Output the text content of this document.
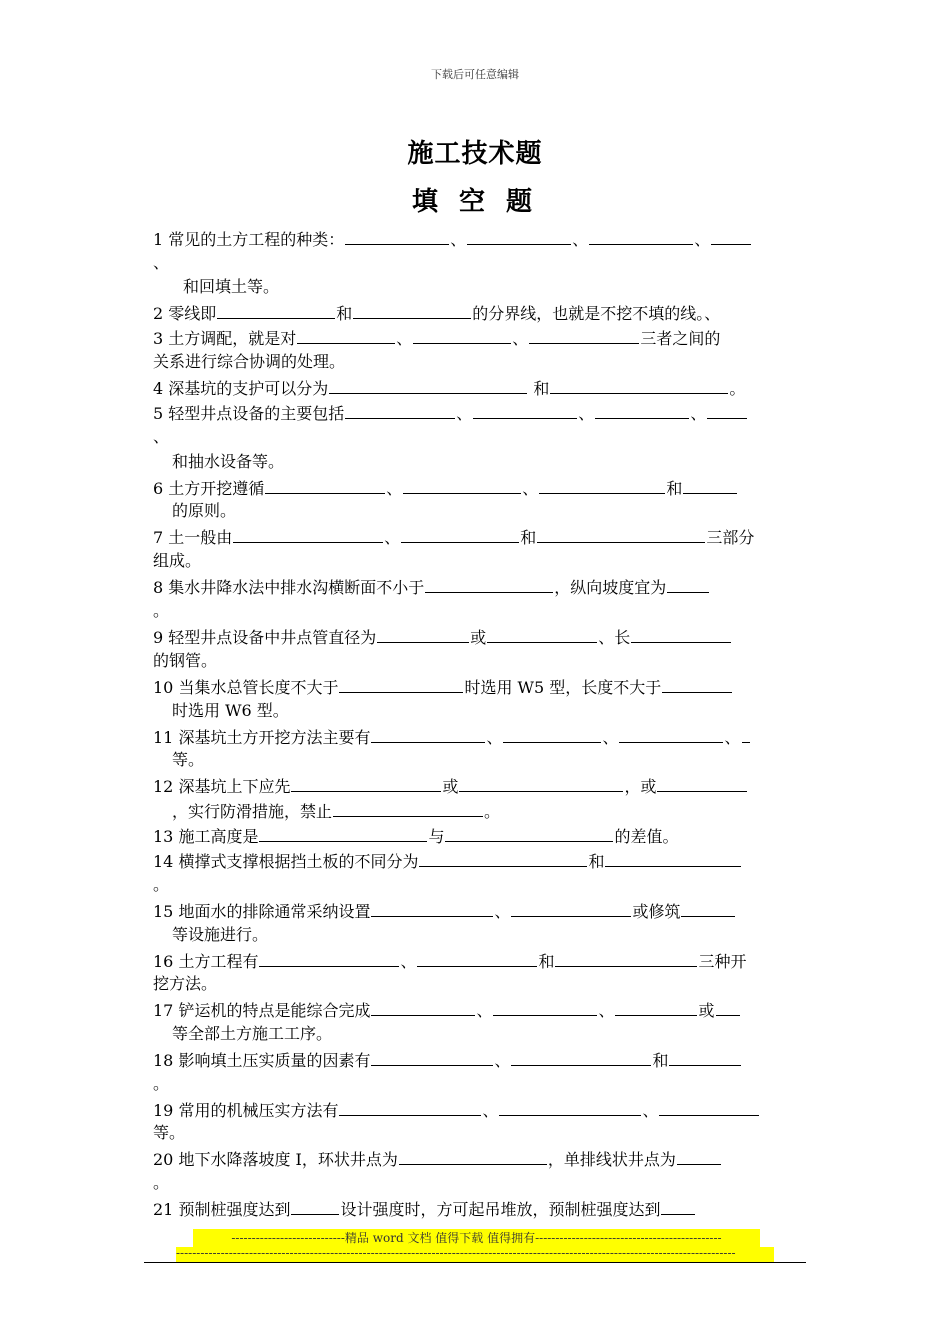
下载后可任意编辑
施工技术题
填 空 题
1 常见的土方工程的种类：	、	、	、
、
和回填土等。
2 零线即	和	的分界线，也就是不挖不填的线。、
3 土方调配，就是对	、	、	三者之间的
关系进行综合协调的处理。
4 深基坑的支护可以分为	和	。
5 轻型井点设备的主要包括	、	、	、
、
和抽水设备等。
6 土方开挖遵循	、	、	和
的原则。
7 土一般由	、	和	三部分
组成。
8 集水井降水法中排水沟横断面不小于	，纵向坡度宜为
。
9 轻型井点设备中井点管直径为	或	、长
的钢管。
10 当集水总管长度不大于	时选用 W5 型，长度不大于
时选用 W6 型。
11 深基坑土方开挖方法主要有	、	、	、
等。
12 深基坑上下应先	或	，或
，实行防滑措施，禁止	。
13 施工高度是	与	的差值。
14 横撑式支撑根据挡土板的不同分为	和
。
15 地面水的排除通常采纳设置	、	或修筑
等设施进行。
16 土方工程有	、	和	三种开
挖方法。
17 铲运机的特点是能综合完成	、	、	或
等全部土方施工工序。
18 影响填土压实质量的因素有	、	和
。
19 常用的机械压实方法有	、	、
等。
20 地下水降落坡度 I，环状井点为	，单排线状井点为
。
21 预制桩强度达到	设计强度时，方可起吊堆放，预制桩强度达到
----------------------------精品 word 文档 值得下载 值得拥有----------------------------------------------
------------------------------------------------------------------------------------------------------------------------------------------
